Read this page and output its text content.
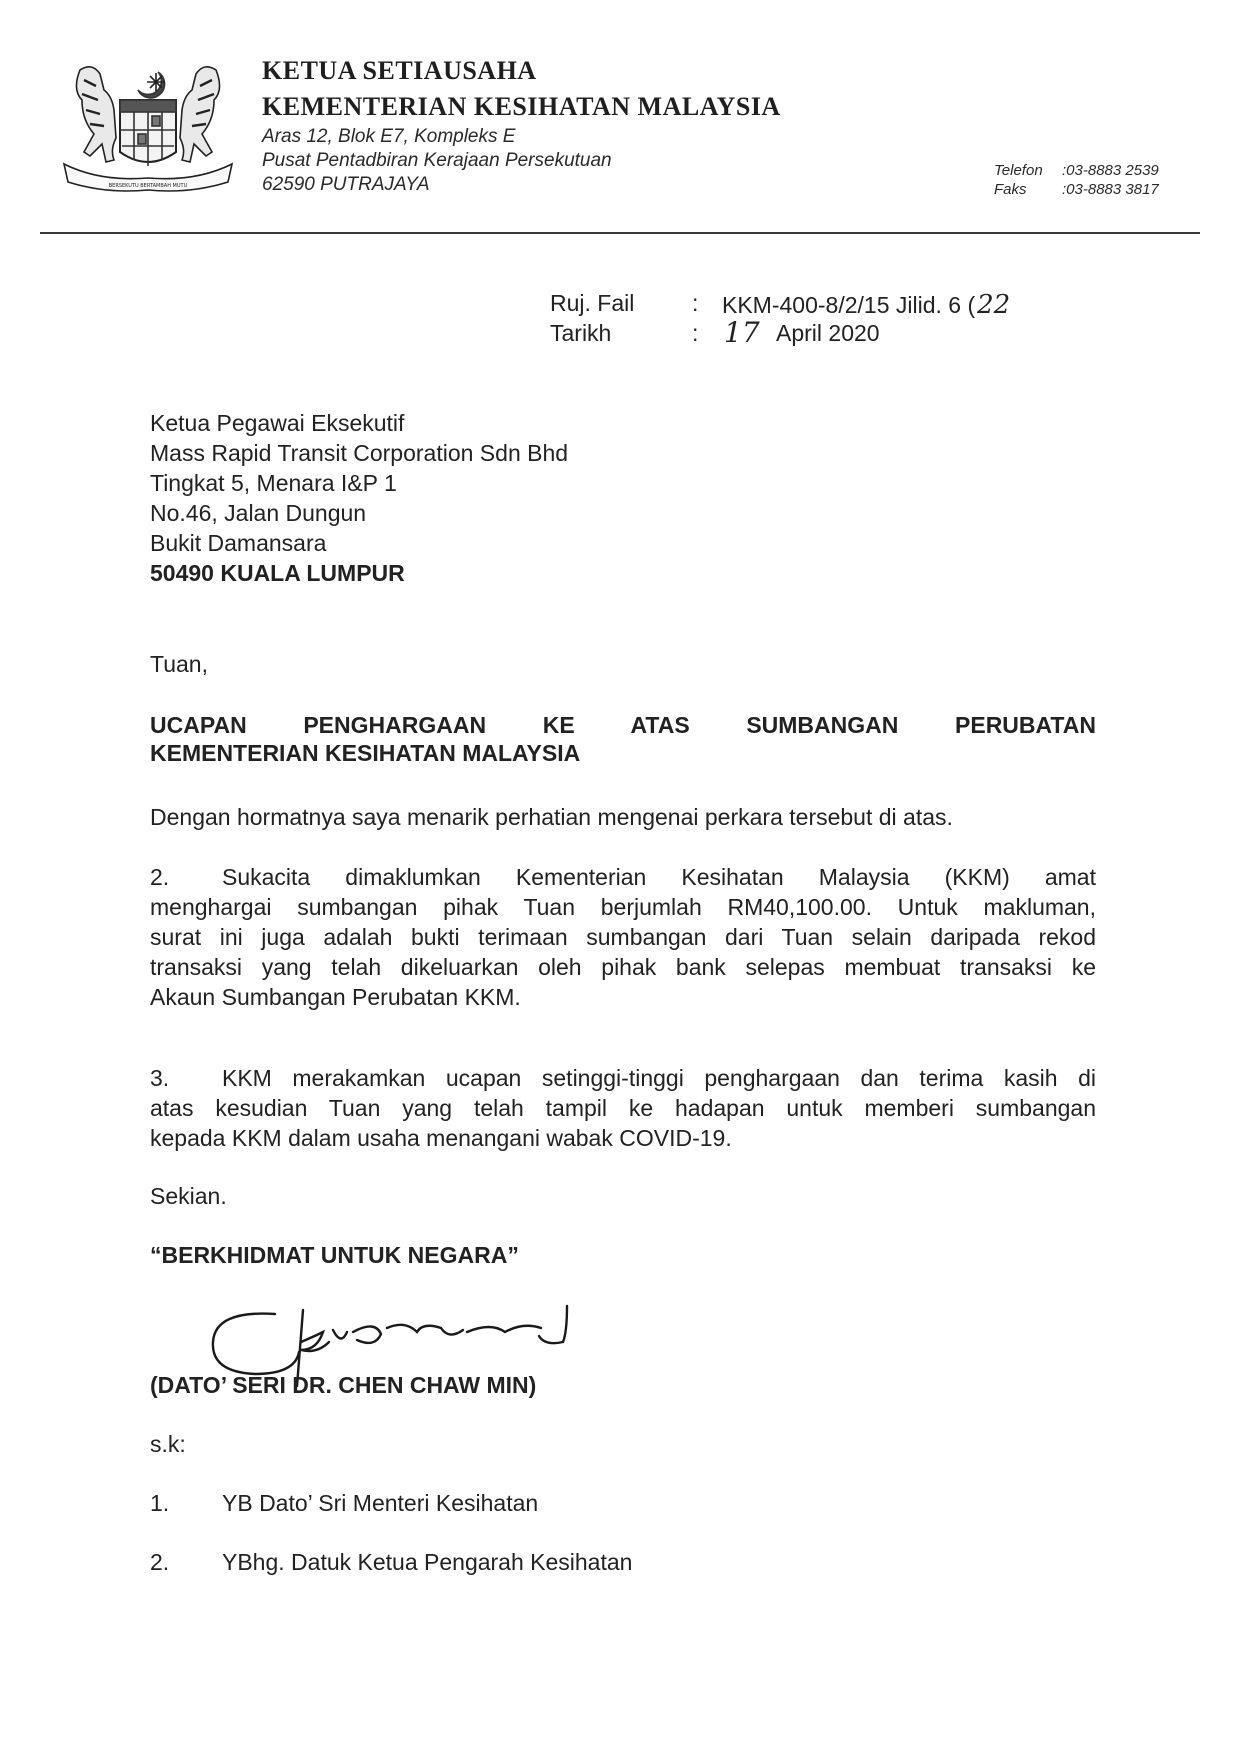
BERSEKUTU BERTAMBAH MUTU
KETUA SETIAUSAHA
KEMENTERIAN KESIHATAN MALAYSIA
Aras 12, Blok E7, Kompleks E
Pusat Pentadbiran Kerajaan Persekutuan
62590 PUTRAJAYA
Telefon :03-8883 2539
Faks :03-8883 3817
Ruj. Fail	: KKM-400-8/2/15 Jilid. 6 (22
Tarikh	: 17 April 2020
Ketua Pegawai Eksekutif
Mass Rapid Transit Corporation Sdn Bhd
Tingkat 5, Menara I&P 1
No.46, Jalan Dungun
Bukit Damansara
50490 KUALA LUMPUR
Tuan,
UCAPAN PENGHARGAAN KE ATAS SUMBANGAN PERUBATAN
KEMENTERIAN KESIHATAN MALAYSIA
Dengan hormatnya saya menarik perhatian mengenai perkara tersebut di atas.
2. Sukacita dimaklumkan Kementerian Kesihatan Malaysia (KKM) amat
menghargai sumbangan pihak Tuan berjumlah RM40,100.00. Untuk makluman,
surat ini juga adalah bukti terimaan sumbangan dari Tuan selain daripada rekod
transaksi yang telah dikeluarkan oleh pihak bank selepas membuat transaksi ke
Akaun Sumbangan Perubatan KKM.
3. KKM merakamkan ucapan setinggi-tinggi penghargaan dan terima kasih di
atas kesudian Tuan yang telah tampil ke hadapan untuk memberi sumbangan
kepada KKM dalam usaha menangani wabak COVID-19.
Sekian.
“BERKHIDMAT UNTUK NEGARA”
(DATO’ SERI DR. CHEN CHAW MIN)
s.k:
1. YB Dato’ Sri Menteri Kesihatan
2. YBhg. Datuk Ketua Pengarah Kesihatan
